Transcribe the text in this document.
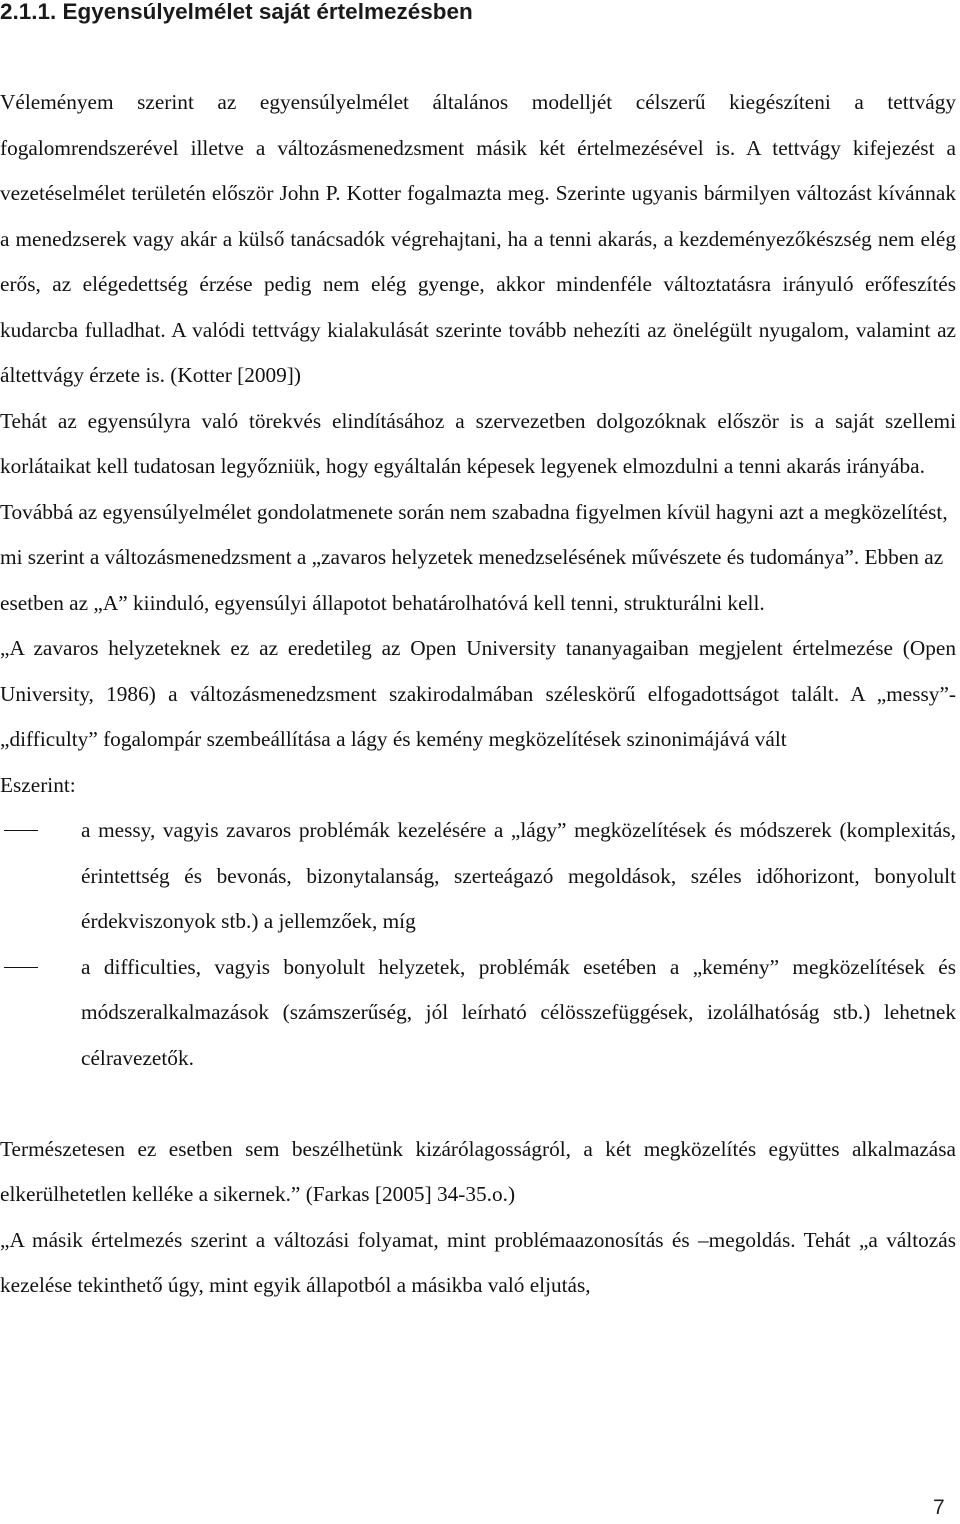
2.1.1. Egyensúlyelmélet saját értelmezésben

Véleményem szerint az egyensúlyelmélet általános modelljét célszerű kiegészíteni a tettvágy fogalomrendszerével illetve a változásmenedzsment másik két értelmezésével is. A tettvágy kifejezést a vezetéselmélet területén először John P. Kotter fogalmazta meg. Szerinte ugyanis bármilyen változást kívánnak a menedzserek vagy akár a külső tanácsadók végrehajtani, ha a tenni akarás, a kezdeményezőkészség nem elég erős, az elégedettség érzése pedig nem elég gyenge, akkor mindenféle változtatásra irányuló erőfeszítés kudarcba fulladhat. A valódi tettvágy kialakulását szerinte tovább nehezíti az önelégült nyugalom, valamint az áltettvágy érzete is. (Kotter [2009])

Tehát az egyensúlyra való törekvés elindításához a szervezetben dolgozóknak először is a saját szellemi korlátaikat kell tudatosan legyőzniük, hogy egyáltalán képesek legyenek elmozdulni a tenni akarás irányába.

Továbbá az egyensúlyelmélet gondolatmenete során nem szabadna figyelmen kívül hagyni azt a megközelítést, mi szerint a változásmenedzsment a „zavaros helyzetek menedzselésének művészete és tudománya”. Ebben az esetben az „A” kiinduló, egyensúlyi állapotot behatárolhatóvá kell tenni, strukturálni kell.

„A zavaros helyzeteknek ez az eredetileg az Open University tananyagaiban megjelent értelmezése (Open University, 1986) a változásmenedzsment szakirodalmában széleskörű elfogadottságot talált. A „messy”-„difficulty” fogalompár szembeállítása a lágy és kemény megközelítések szinonimájává vált

Eszerint:

a messy, vagyis zavaros problémák kezelésére a „lágy” megközelítések és módszerek (komplexitás, érintettség és bevonás, bizonytalanság, szerteágazó megoldások, széles időhorizont, bonyolult érdekviszonyok stb.) a jellemzőek, míg
a difficulties, vagyis bonyolult helyzetek, problémák esetében a „kemény” megközelítések és módszeralkalmazások (számszerűség, jól leírható célösszefüggések, izolálhatóság stb.) lehetnek célravezetők.

Természetesen ez esetben sem beszélhetünk kizárólagosságról, a két megközelítés együttes alkalmazása elkerülhetetlen kelléke a sikernek.” (Farkas [2005] 34-35.o.)

„A másik értelmezés szerint a változási folyamat, mint problémaazonosítás és –megoldás. Tehát „a változás kezelése tekinthető úgy, mint egyik állapotból a másikba való eljutás,

7
